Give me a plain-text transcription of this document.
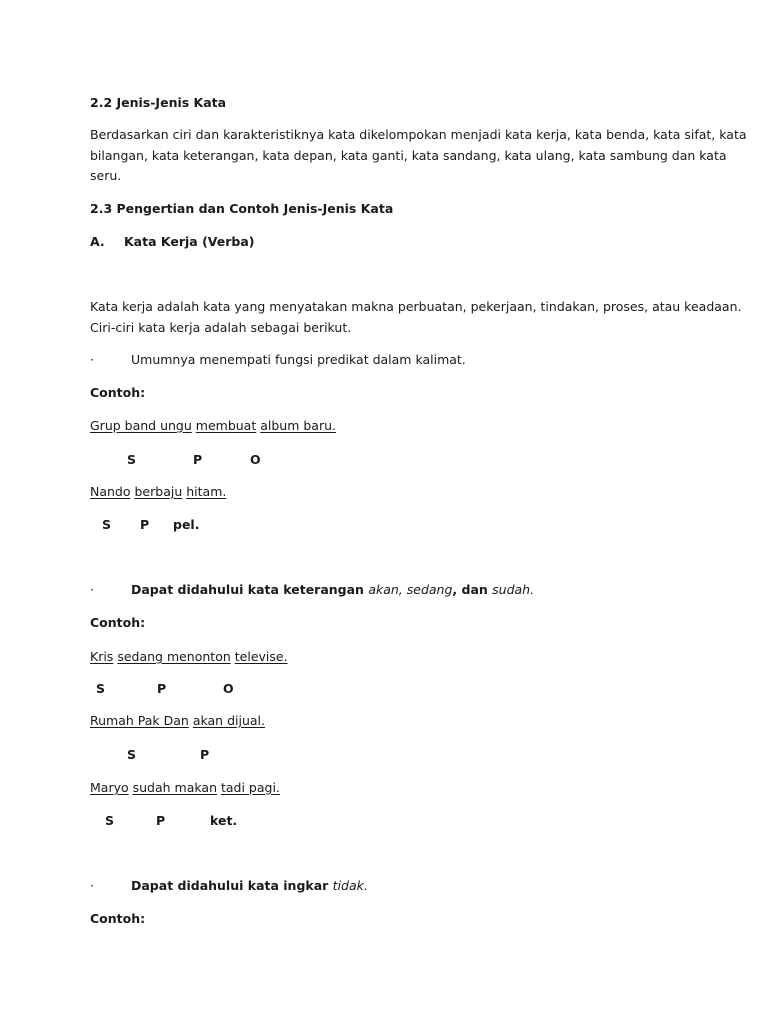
2.2 Jenis-Jenis Kata
Berdasarkan ciri dan karakteristiknya kata dikelompokan menjadi kata kerja, kata benda, kata sifat, kata
bilangan, kata keterangan, kata depan, kata ganti, kata sandang, kata ulang, kata sambung dan kata
seru.
2.3 Pengertian dan Contoh Jenis-Jenis Kata
A. Kata Kerja (Verba)
Kata kerja adalah kata yang menyatakan makna perbuatan, pekerjaan, tindakan, proses, atau keadaan.
Ciri-ciri kata kerja adalah sebagai berikut.
·	Umumnya menempati fungsi predikat dalam kalimat.
Contoh:
Grup band ungu membuat album baru.
S	P	O
Nando berbaju hitam.
S P pel.
·	Dapat didahului kata keterangan akan, sedang, dan sudah.
Contoh:
Kris sedang menonton televise.
S	P	O
Rumah Pak Dan akan dijual.
S	P
Maryo sudah makan tadi pagi.
S	P	ket.
·	Dapat didahului kata ingkar tidak.
Contoh:
